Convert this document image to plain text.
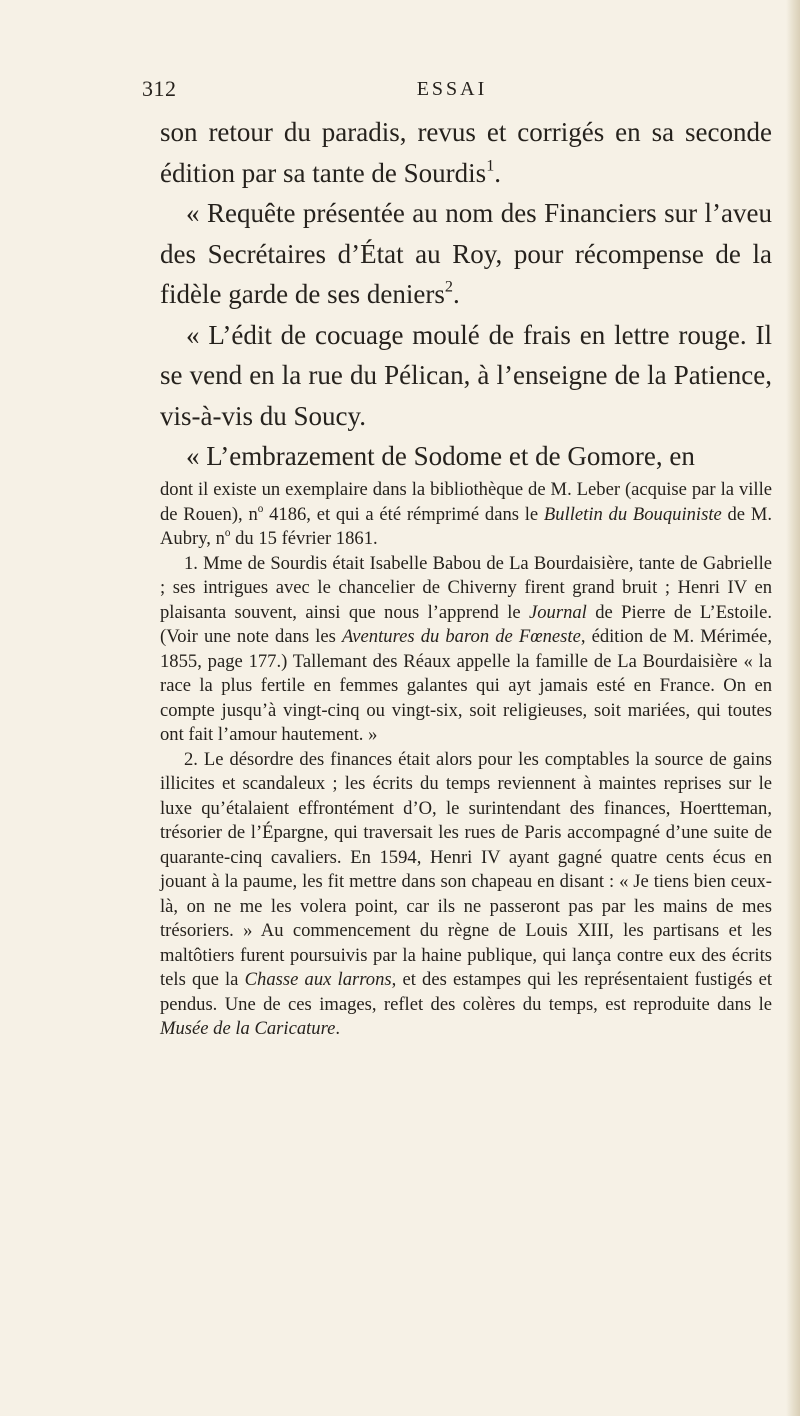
312	ESSAI

son retour du paradis, revus et corrigés en sa seconde édition par sa tante de Sourdis$^1$.

« Requête présentée au nom des Financiers sur l’aveu des Secrétaires d’État au Roy, pour récompense de la fidèle garde de ses deniers$^2$.

« L’édit de cocuage moulé de frais en lettre rouge. Il se vend en la rue du Pélican, à l’enseigne de la Patience, vis-à-vis du Soucy.

« L’embrazement de Sodome et de Gomore, en

dont il existe un exemplaire dans la bibliothèque de M. Leber (acquise par la ville de Rouen), $n^o$ 4186, et qui a été rémprimé dans le Bulletin du Bouquiniste de M. Aubry, $n^o$ du 15 février 1861.

1. Mme de Sourdis était Isabelle Babou de La Bourdaisière, tante de Gabrielle ; ses intrigues avec le chancelier de Chiverny firent grand bruit ; Henri IV en plaisanta souvent, ainsi que nous l’apprend le Journal de Pierre de L’Estoile. (Voir une note dans les Aventures du baron de Fœneste, édition de M. Mérimée, 1855, page 177.) Tallemant des Réaux appelle la famille de La Bourdaisière « la race la plus fertile en femmes galantes qui ayt jamais esté en France. On en compte jusqu’à vingt-cinq ou vingt-six, soit religieuses, soit mariées, qui toutes ont fait l’amour hautement. »

2. Le désordre des finances était alors pour les comptables la source de gains illicites et scandaleux ; les écrits du temps reviennent à maintes reprises sur le luxe qu’étalaient effrontément d’O, le surintendant des finances, Hoertteman, trésorier de l’Épargne, qui traversait les rues de Paris accompagné d’une suite de quarante-cinq cavaliers. En 1594, Henri IV ayant gagné quatre cents écus en jouant à la paume, les fit mettre dans son chapeau en disant : « Je tiens bien ceux-là, on ne me les volera point, car ils ne passeront pas par les mains de mes trésoriers. » Au commencement du règne de Louis XIII, les partisans et les maltôtiers furent poursuivis par la haine publique, qui lança contre eux des écrits tels que la Chasse aux larrons, et des estampes qui les représentaient fustigés et pendus. Une de ces images, reflet des colères du temps, est reproduite dans le Musée de la Caricature.
